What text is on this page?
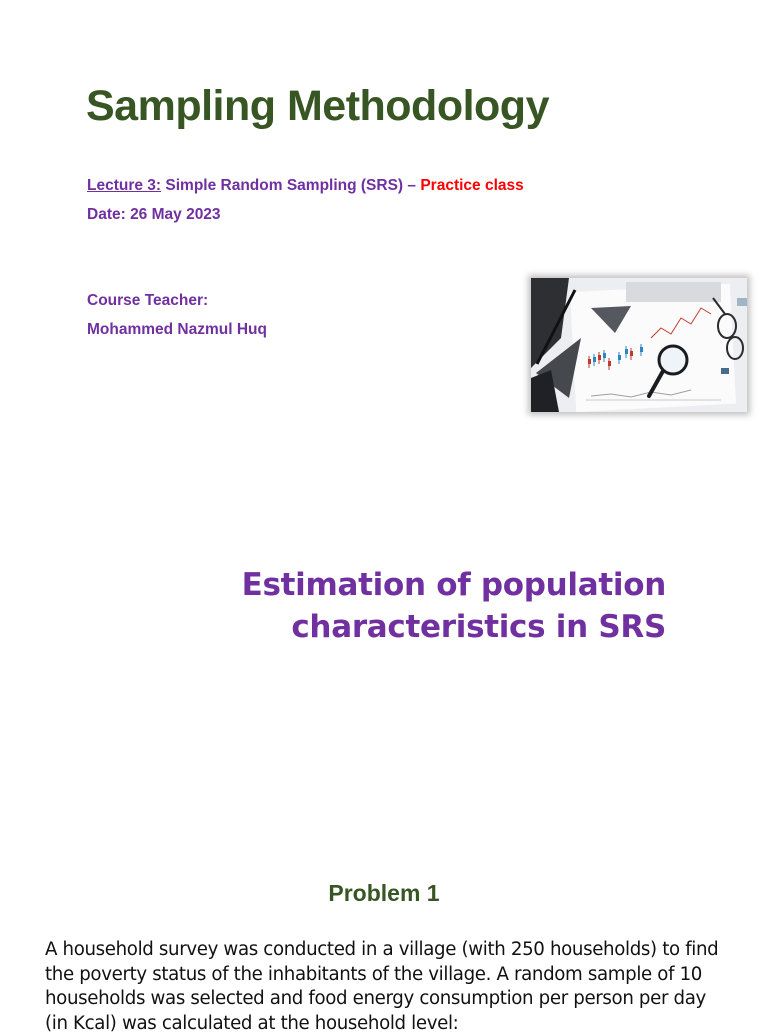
Sampling Methodology
Lecture 3: Simple Random Sampling (SRS) – Practice class
Date: 26 May 2023
Course Teacher:
Mohammed Nazmul Huq
Estimation of population
characteristics in SRS
Problem 1

A household survey was conducted in a village (with 250 households) to find the poverty status of the inhabitants of the village. A random sample of 10 households was selected and food energy consumption per person per day (in Kcal) was calculated at the household level:
